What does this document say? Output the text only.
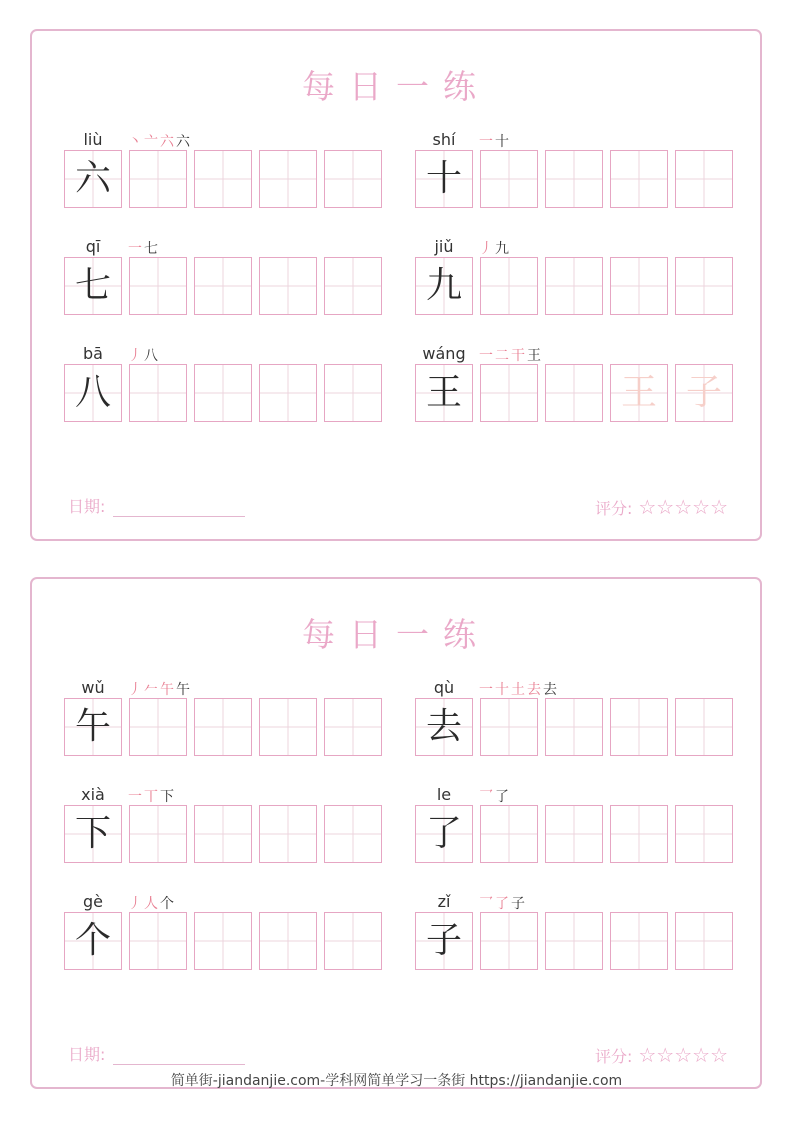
每日一练
liù	丶亠六六
六
shí	一十
十
qī	一七
七
jiǔ	丿九
九
bā	丿八
八
wáng 一二干王
王	王 子
日期:	评分: ☆☆☆☆☆
每日一练
wǔ	丿𠂉午午
午
qù	一十土去去
去
xià	一丅下
下
le	乛了
了
gè	丿人个
个
zǐ	乛了子
子
日期:	评分: ☆☆☆☆☆
简单街-jiandanjie.com-学科网简单学习一条街 https://jiandanjie.com
